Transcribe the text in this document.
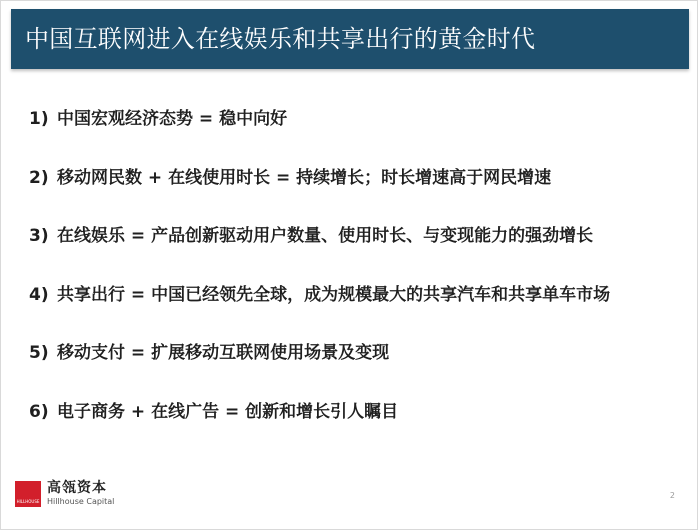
中国互联网进入在线娱乐和共享出行的黄金时代
1) 中国宏观经济态势 = 稳中向好
2) 移动网民数 + 在线使用时长 = 持续增长；时长增速高于网民增速
3) 在线娱乐 = 产品创新驱动用户数量、使用时长、与变现能力的强劲增长
4) 共享出行 = 中国已经领先全球，成为规模最大的共享汽车和共享单车市场
5) 移动支付 = 扩展移动互联网使用场景及变现
6) 电子商务 + 在线广告 = 创新和增长引人瞩目
HILLHOUSE
高瓴资本
Hillhouse Capital
2
